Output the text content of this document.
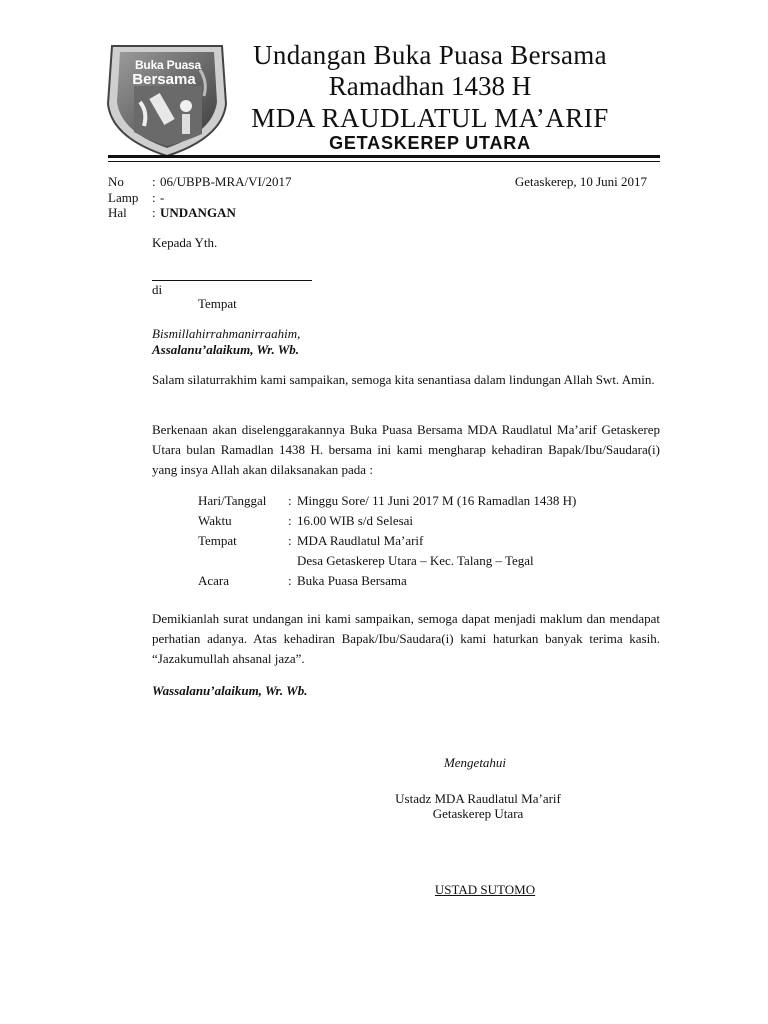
Buka Puasa
Bersama
Undangan Buka Puasa Bersama
Ramadhan 1438 H
MDA RAUDLATUL MA’ARIF
GETASKEREP UTARA
No : 06/UBPB-MRA/VI/2017
Lamp : -
Hal : UNDANGAN
Getaskerep, 10 Juni 2017
Kepada Yth.
di
Tempat
Bismillahirrahmanirraahim,
Assalanu’alaikum, Wr. Wb.
Salam silaturrakhim kami sampaikan, semoga kita senantiasa dalam lindungan Allah Swt. Amin.
Berkenaan akan diselenggarakannya Buka Puasa Bersama MDA Raudlatul Ma’arif Getaskerep Utara bulan Ramadlan 1438 H. bersama ini kami mengharap kehadiran Bapak/Ibu/Saudara(i) yang insya Allah akan dilaksanakan pada :
Hari/Tanggal : Minggu Sore/ 11 Juni 2017 M (16 Ramadlan 1438 H)
Waktu	: 16.00 WIB s/d Selesai
Tempat	: MDA Raudlatul Ma’arif
Desa Getaskerep Utara – Kec. Talang – Tegal
Acara	: Buka Puasa Bersama
Demikianlah surat undangan ini kami sampaikan, semoga dapat menjadi maklum dan mendapat perhatian adanya. Atas kehadiran Bapak/Ibu/Saudara(i) kami haturkan banyak terima kasih. “Jazakumullah ahsanal jaza”.
Wassalanu’alaikum, Wr. Wb.
Mengetahui
Ustadz MDA Raudlatul Ma’arif
Getaskerep Utara
USTAD SUTOMO
